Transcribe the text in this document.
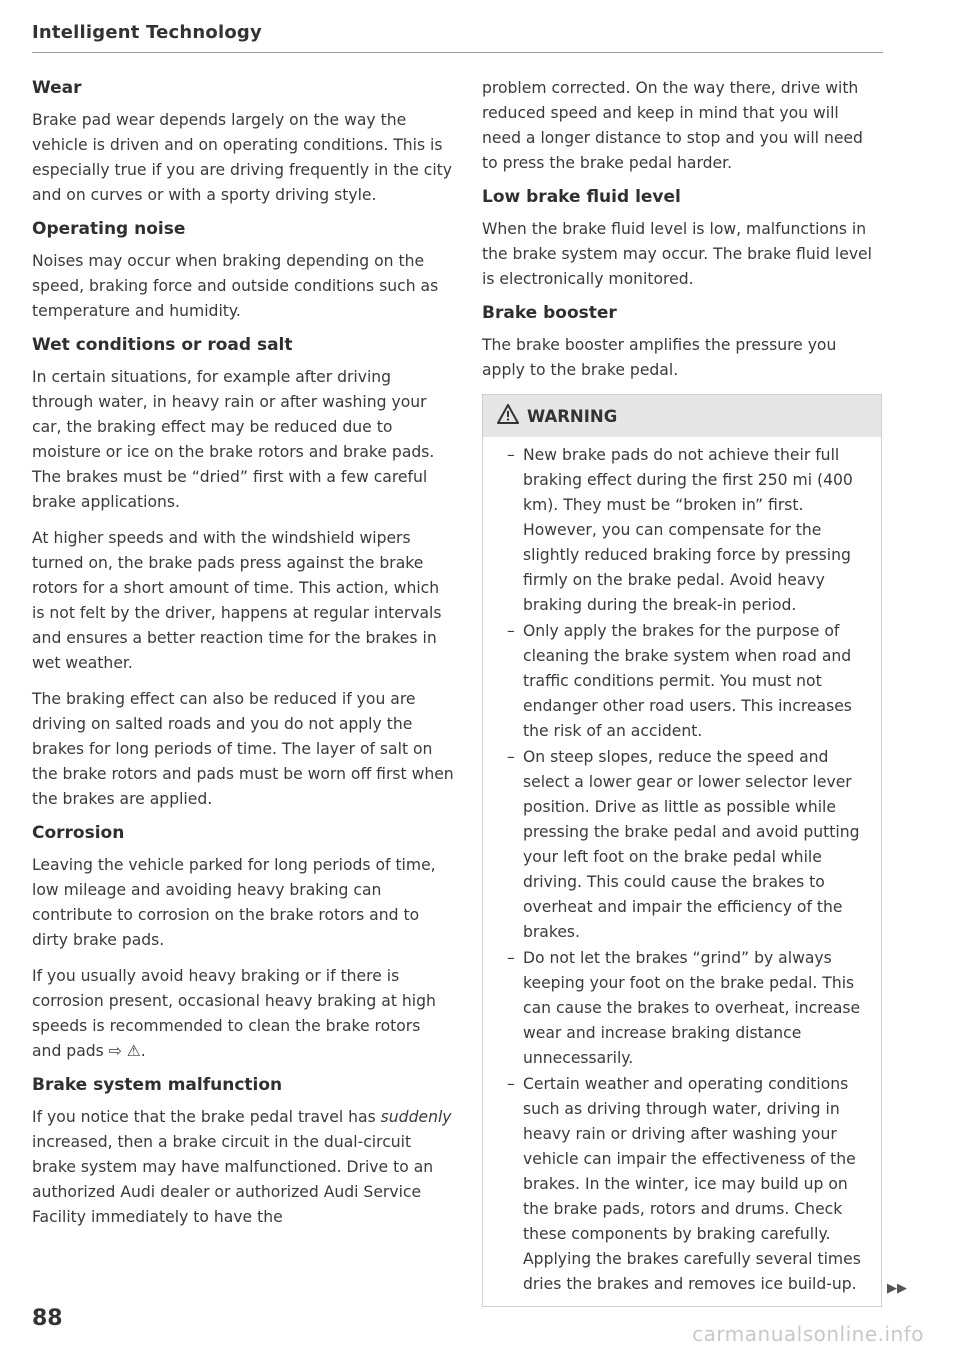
Intelligent Technology
Wear

Brake pad wear depends largely on the way the vehicle is driven and on operating conditions. This is especially true if you are driving frequently in the city and on curves or with a sporty driving style.

Operating noise

Noises may occur when braking depending on the speed, braking force and outside conditions such as temperature and humidity.

Wet conditions or road salt

In certain situations, for example after driving through water, in heavy rain or after washing your car, the braking effect may be reduced due to moisture or ice on the brake rotors and brake pads. The brakes must be “dried” first with a few careful brake applications.

At higher speeds and with the windshield wipers turned on, the brake pads press against the brake rotors for a short amount of time. This action, which is not felt by the driver, happens at regular intervals and ensures a better reaction time for the brakes in wet weather.

The braking effect can also be reduced if you are driving on salted roads and you do not apply the brakes for long periods of time. The layer of salt on the brake rotors and pads must be worn off first when the brakes are applied.

Corrosion

Leaving the vehicle parked for long periods of time, low mileage and avoiding heavy braking can contribute to corrosion on the brake rotors and to dirty brake pads.

If you usually avoid heavy braking or if there is corrosion present, occasional heavy braking at high speeds is recommended to clean the brake rotors and pads ⇨ ⚠.

Brake system malfunction

If you notice that the brake pedal travel has suddenly increased, then a brake circuit in the dual-circuit brake system may have malfunctioned. Drive to an authorized Audi dealer or authorized Audi Service Facility immediately to have the

problem corrected. On the way there, drive with reduced speed and keep in mind that you will need a longer distance to stop and you will need to press the brake pedal harder.

Low brake fluid level

When the brake fluid level is low, malfunctions in the brake system may occur. The brake fluid level is electronically monitored.

Brake booster

The brake booster amplifies the pressure you apply to the brake pedal.

WARNING
– New brake pads do not achieve their full braking effect during the first 250 mi (400 km). They must be “broken in” first. However, you can compensate for the slightly reduced braking force by pressing firmly on the brake pedal. Avoid heavy braking during the break-in period.
– Only apply the brakes for the purpose of cleaning the brake system when road and traffic conditions permit. You must not endanger other road users. This increases the risk of an accident.
– On steep slopes, reduce the speed and select a lower gear or lower selector lever position. Drive as little as possible while pressing the brake pedal and avoid putting your left foot on the brake pedal while driving. This could cause the brakes to overheat and impair the efficiency of the brakes.
– Do not let the brakes “grind” by always keeping your foot on the brake pedal. This can cause the brakes to overheat, increase wear and increase braking distance unnecessarily.
– Certain weather and operating conditions such as driving through water, driving in heavy rain or driving after washing your vehicle can impair the effectiveness of the brakes. In the winter, ice may build up on the brake pads, rotors and drums. Check these components by braking carefully. Applying the brakes carefully several times dries the brakes and removes ice build-up.	▶▶
88
carmanualsonline.info
